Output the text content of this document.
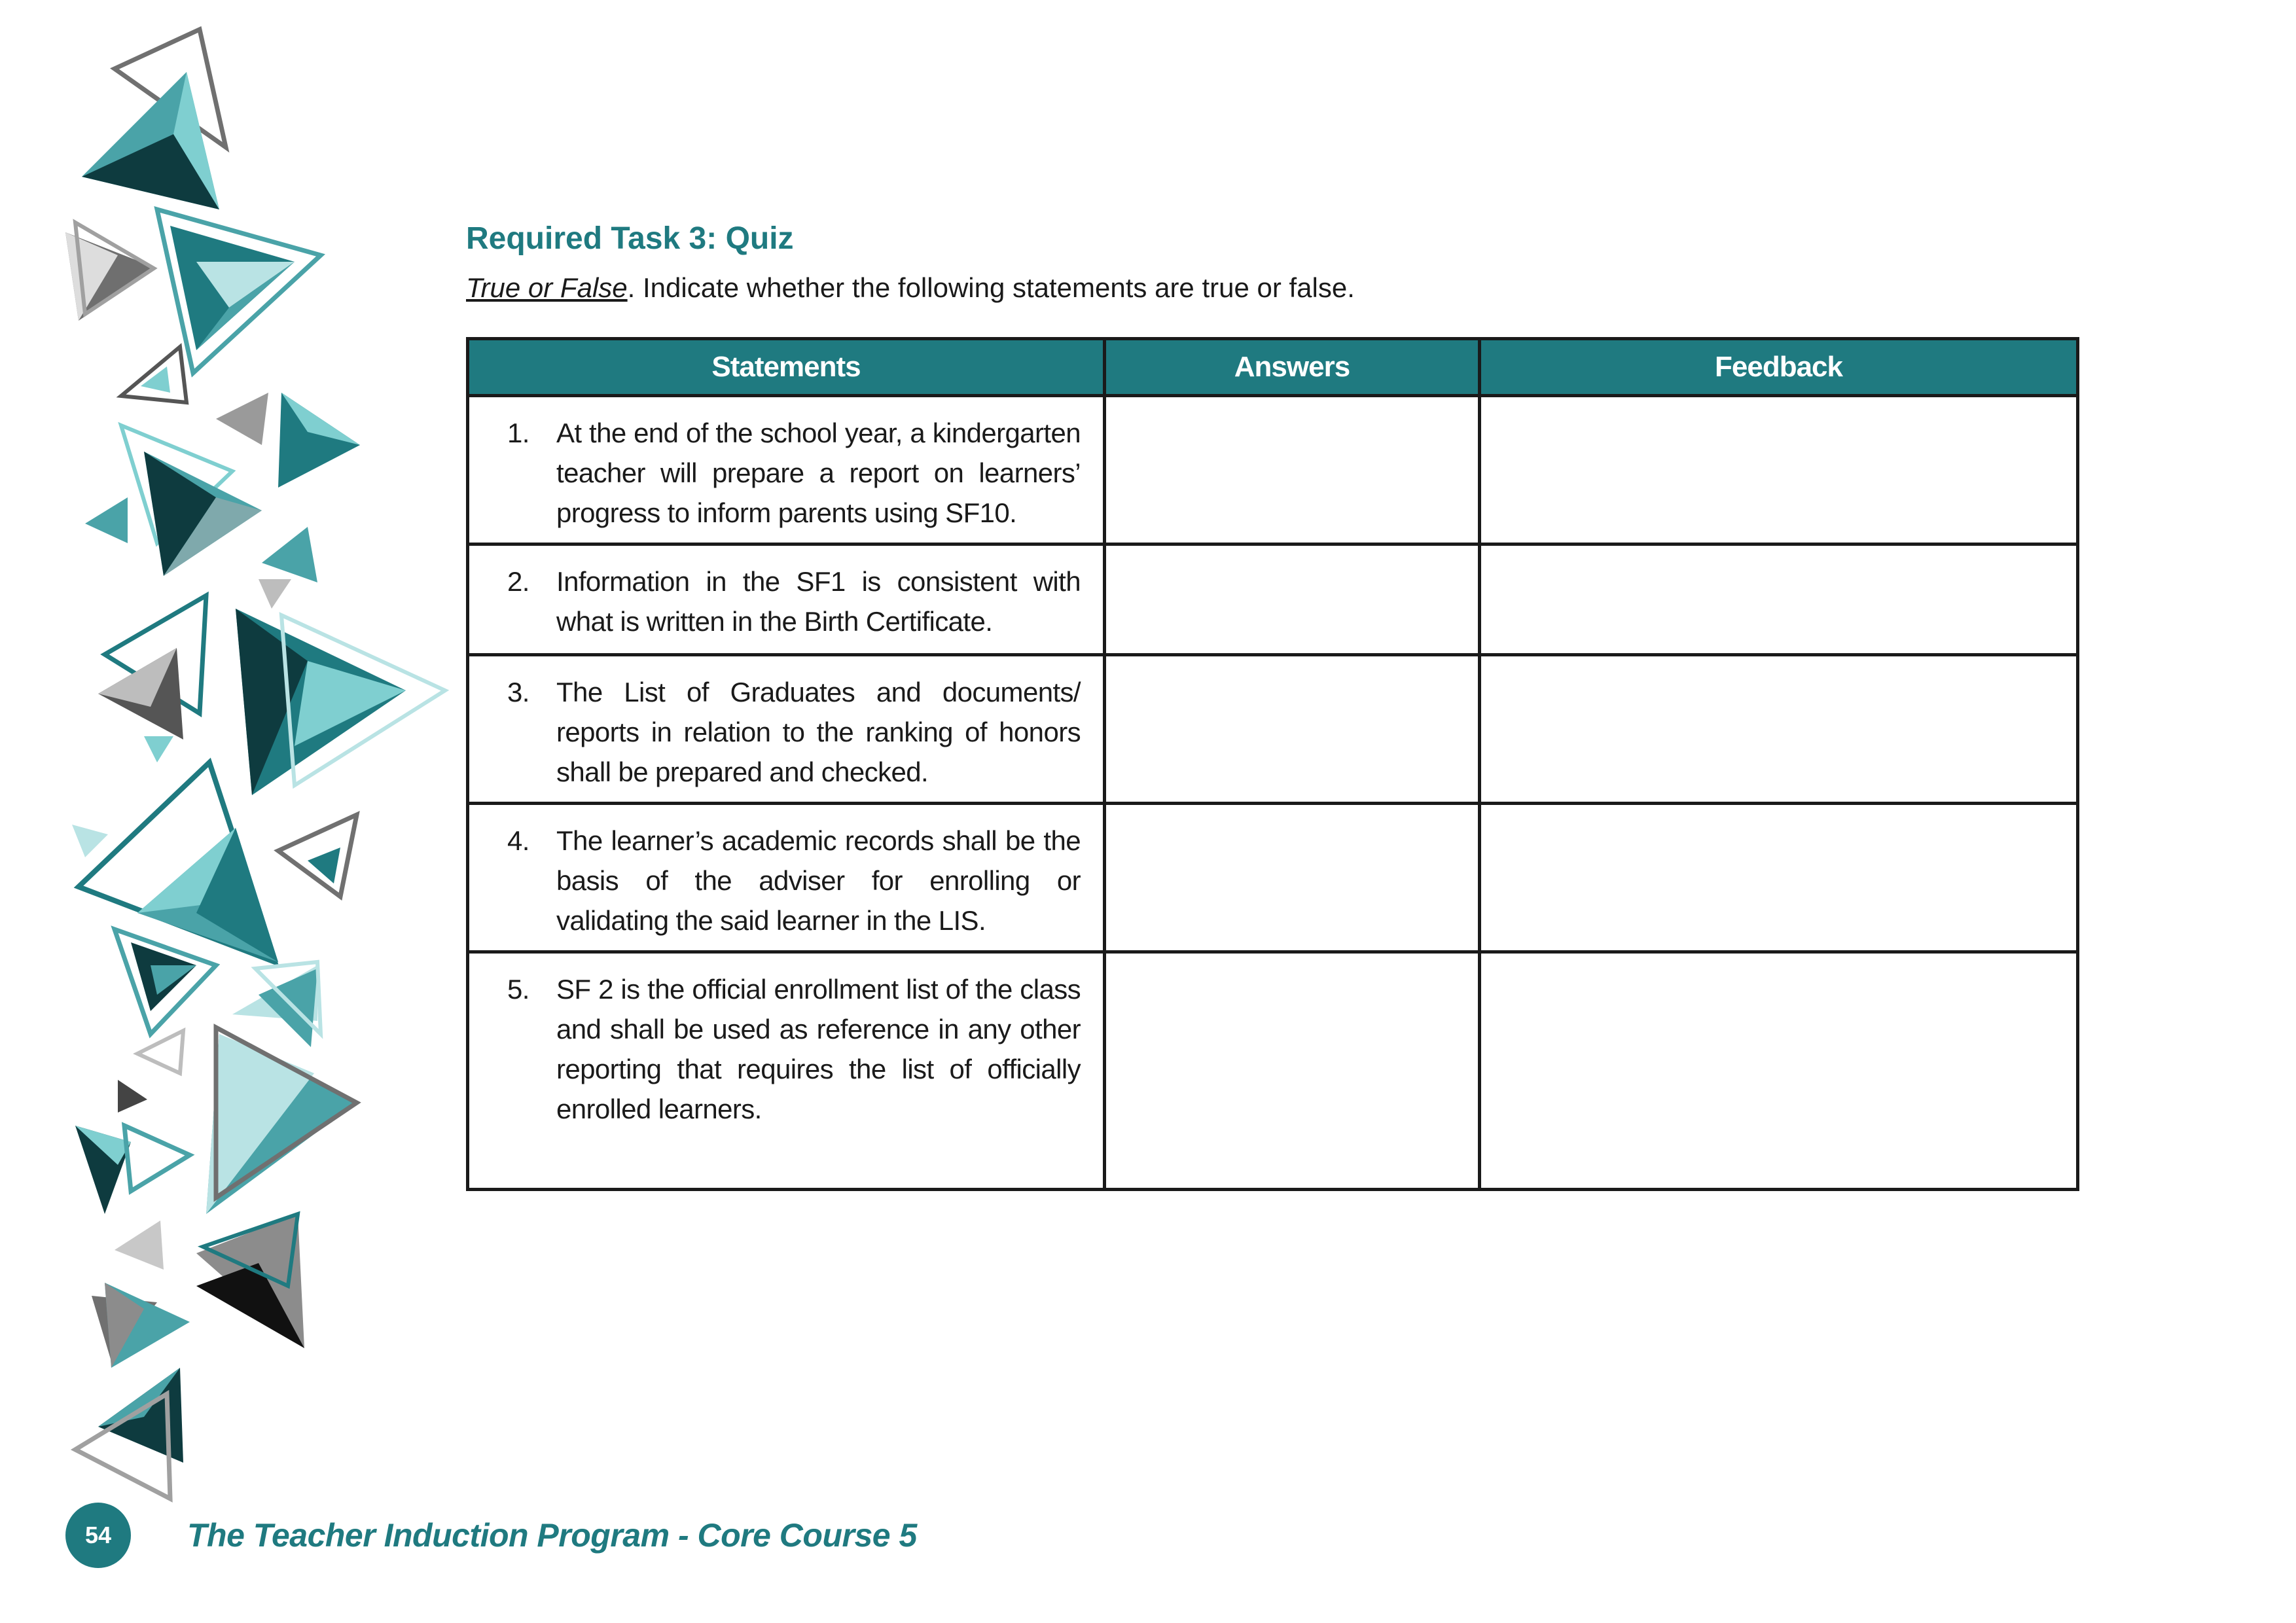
Required Task 3: Quiz
True or False. Indicate whether the following statements are true or false.
Statements	Answers	Feedback

1. At the end of the school year, a kindergarten teacher will prepare a report on learners’ progress to inform parents using SF10.		

2. Information in the SF1 is consistent with what is written in the Birth Certificate.		

3. The List of Graduates and documents/ reports in relation to the ranking of honors shall be prepared and checked.		

4. The learner’s academic records shall be the basis of the adviser for enrolling or validating the said learner in the LIS.		

5. SF 2 is the official enrollment list of the class and shall be used as reference in any other reporting that requires the list of officially enrolled learners.		

54	The Teacher Induction Program - Core Course 5
